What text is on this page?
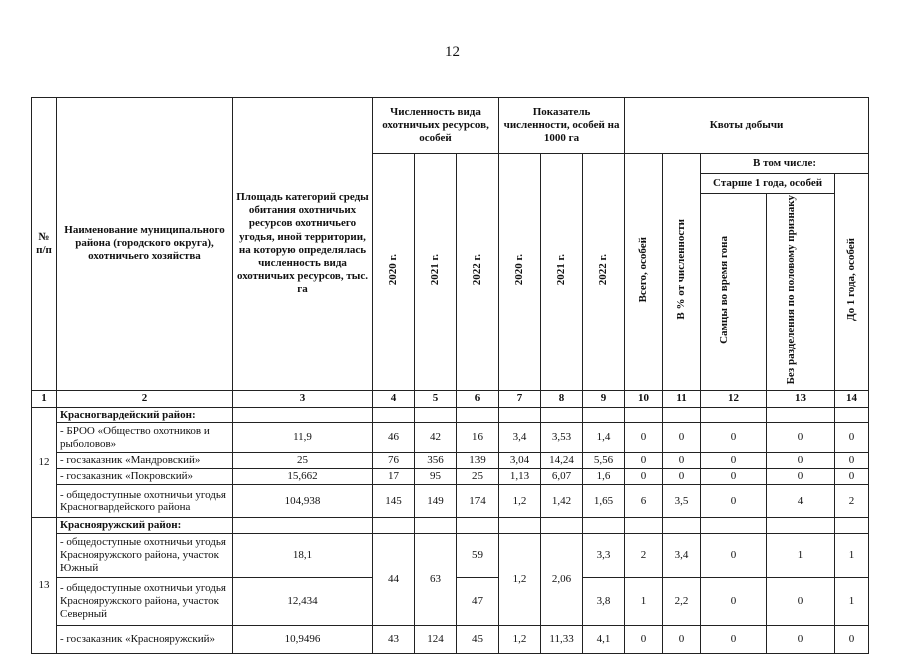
12
№ п/п	Наименование муниципального района (городского округа), охотничьего хозяйства	Площадь категорий среды обитания охотничьих ресурсов охотничьего угодья, иной территории, на которую определялась численность вида охотничьих ресурсов, тыс. га	Численность вида охотничьих ресурсов, особей			Показатель численности, особей на 1000 га			Квоты добычи				
			2020 г.	2021 г.	2022 г.	2020 г.	2021 г.	2022 г.	Всего, особей	В % от численности	В том числе:		
											Старше 1 года, особей		До 1 года, особей
											Самцы во время гона	Без разделения по половому признаку	
1	2	3	4	5	6	7	8	9	10	11	12	13	14
12	Красногвардейский район:												
	- БРОО «Общество охотников и рыболовов»	11,9	46	42	16	3,4	3,53	1,4	0	0	0	0	0
	- госзаказник «Мандровский»	25	76	356	139	3,04	14,24	5,56	0	0	0	0	0
	- госзаказник «Покровский»	15,662	17	95	25	1,13	6,07	1,6	0	0	0	0	0
	- общедоступные охотничьи угодья Красногвардейского района	104,938	145	149	174	1,2	1,42	1,65	6	3,5	0	4	2
13	Краснояружский район:												
	- общедоступные охотничьи угодья Краснояружского района, участок Южный	18,1	44	63	59	1,2	2,06	3,3	2	3,4	0	1	1
	- общедоступные охотничьи угодья Краснояружского района, участок Северный	12,434			47			3,8	1	2,2	0	0	1
	- госзаказник «Краснояружский»	10,9496	43	124	45	1,2	11,33	4,1	0	0	0	0	0
